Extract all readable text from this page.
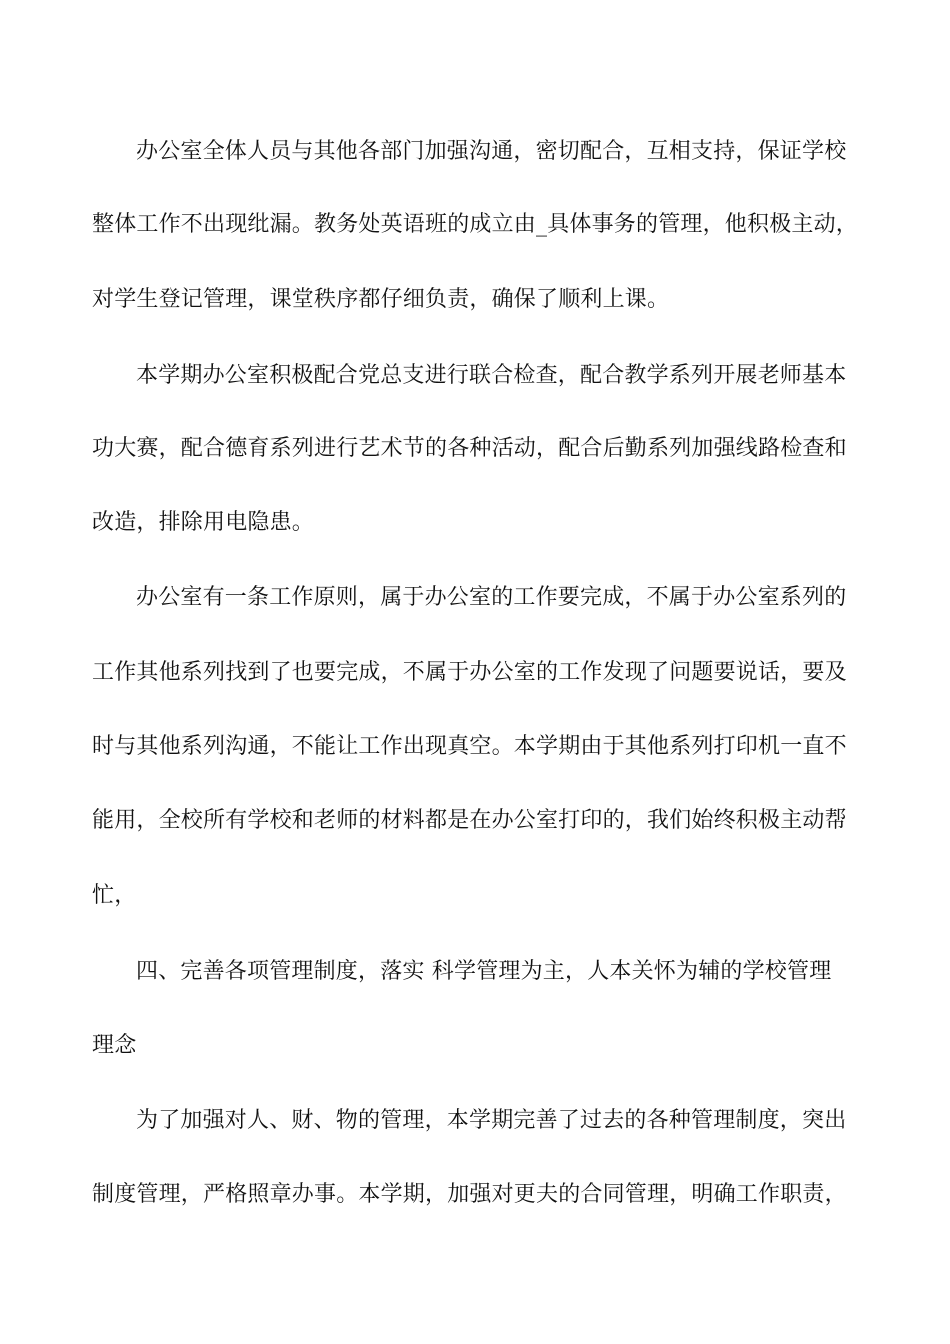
办公室全体人员与其他各部门加强沟通，密切配合，互相支持，保证学校
整体工作不出现纰漏。教务处英语班的成立由_具体事务的管理，他积极主动，
对学生登记管理，课堂秩序都仔细负责，确保了顺利上课。
本学期办公室积极配合党总支进行联合检查，配合教学系列开展老师基本
功大赛，配合德育系列进行艺术节的各种活动，配合后勤系列加强线路检查和
改造，排除用电隐患。
办公室有一条工作原则，属于办公室的工作要完成，不属于办公室系列的
工作其他系列找到了也要完成，不属于办公室的工作发现了问题要说话，要及
时与其他系列沟通，不能让工作出现真空。本学期由于其他系列打印机一直不
能用，全校所有学校和老师的材料都是在办公室打印的，我们始终积极主动帮
忙，
四、完善各项管理制度，落实 科学管理为主，人本关怀为辅的学校管理
理念
为了加强对人、财、物的管理，本学期完善了过去的各种管理制度，突出
制度管理，严格照章办事。本学期，加强对更夫的合同管理，明确工作职责，
